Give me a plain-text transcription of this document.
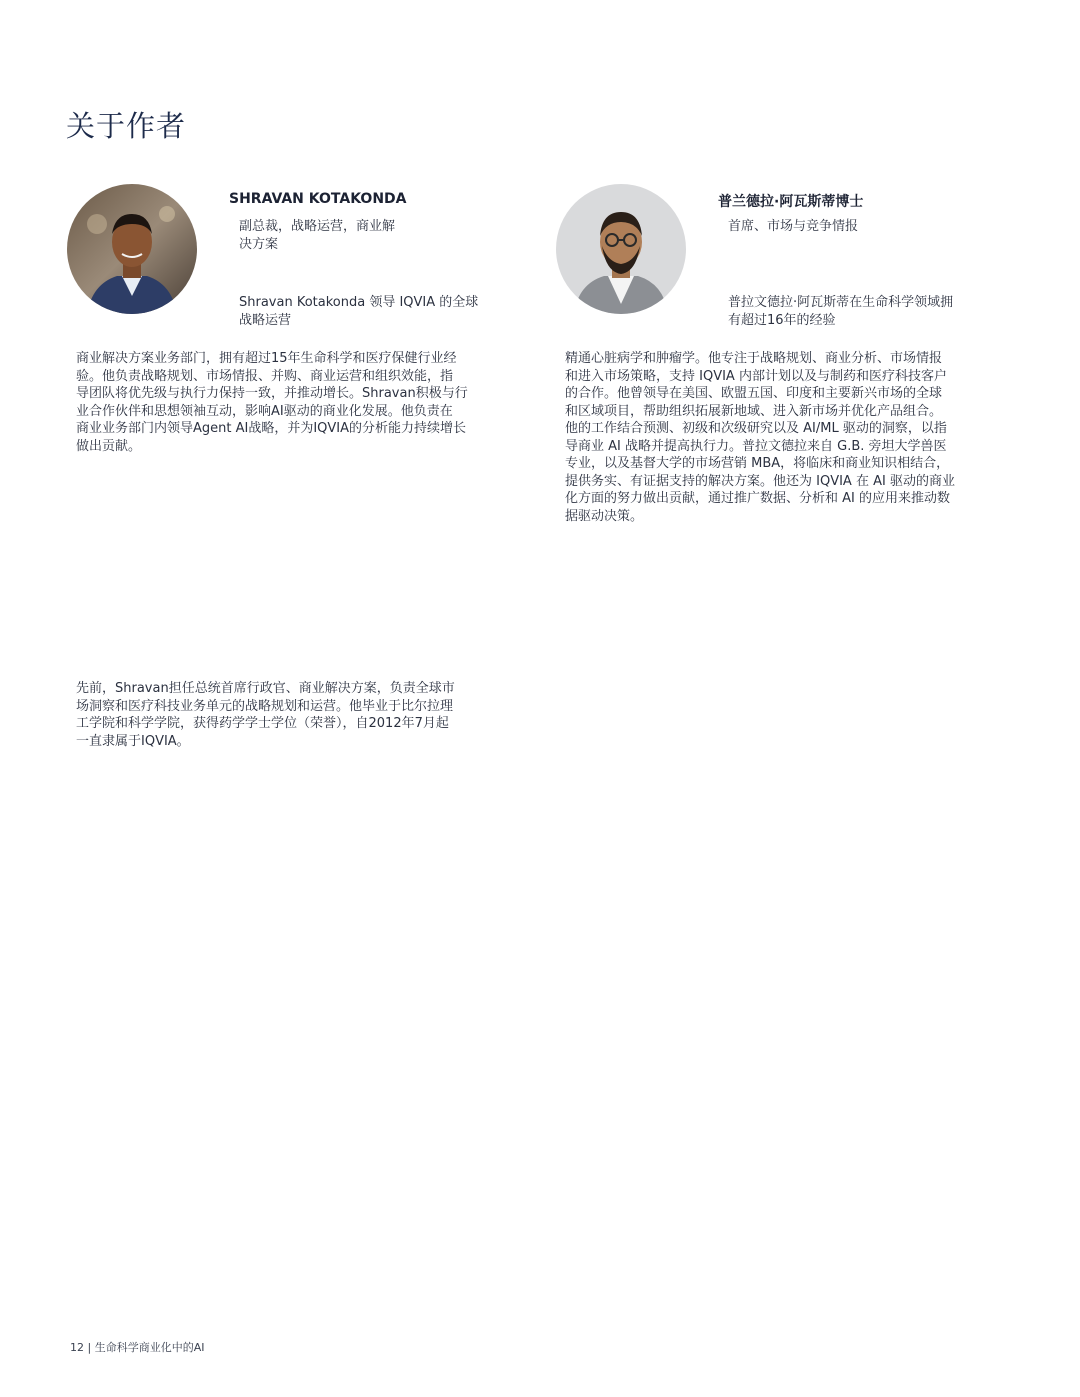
关于作者
SHRAVAN KOTAKONDA
副总裁，战略运营，商业解
决方案
Shravan Kotakonda 领导 IQVIA 的全球
战略运营
商业解决方案业务部门，拥有超过15年生命科学和医疗保健行业经
验。他负责战略规划、市场情报、并购、商业运营和组织效能，指
导团队将优先级与执行力保持一致，并推动增长。Shravan积极与行
业合作伙伴和思想领袖互动，影响AI驱动的商业化发展。他负责在
商业业务部门内领导Agent AI战略，并为IQVIA的分析能力持续增长
做出贡献。
先前，Shravan担任总统首席行政官、商业解决方案，负责全球市
场洞察和医疗科技业务单元的战略规划和运营。他毕业于比尔拉理
工学院和科学学院，获得药学学士学位（荣誉），自2012年7月起
一直隶属于IQVIA。
普兰德拉·阿瓦斯蒂博士
首席、市场与竞争情报
普拉文德拉·阿瓦斯蒂在生命科学领域拥
有超过16年的经验
精通心脏病学和肿瘤学。他专注于战略规划、商业分析、市场情报
和进入市场策略，支持 IQVIA 内部计划以及与制药和医疗科技客户
的合作。他曾领导在美国、欧盟五国、印度和主要新兴市场的全球
和区域项目，帮助组织拓展新地域、进入新市场并优化产品组合。
他的工作结合预测、初级和次级研究以及 AI/ML 驱动的洞察，以指
导商业 AI 战略并提高执行力。普拉文德拉来自 G.B. 旁坦大学兽医
专业，以及基督大学的市场营销 MBA，将临床和商业知识相结合，
提供务实、有证据支持的解决方案。他还为 IQVIA 在 AI 驱动的商业
化方面的努力做出贡献，通过推广数据、分析和 AI 的应用来推动数
据驱动决策。
12 | 生命科学商业化中的AI
